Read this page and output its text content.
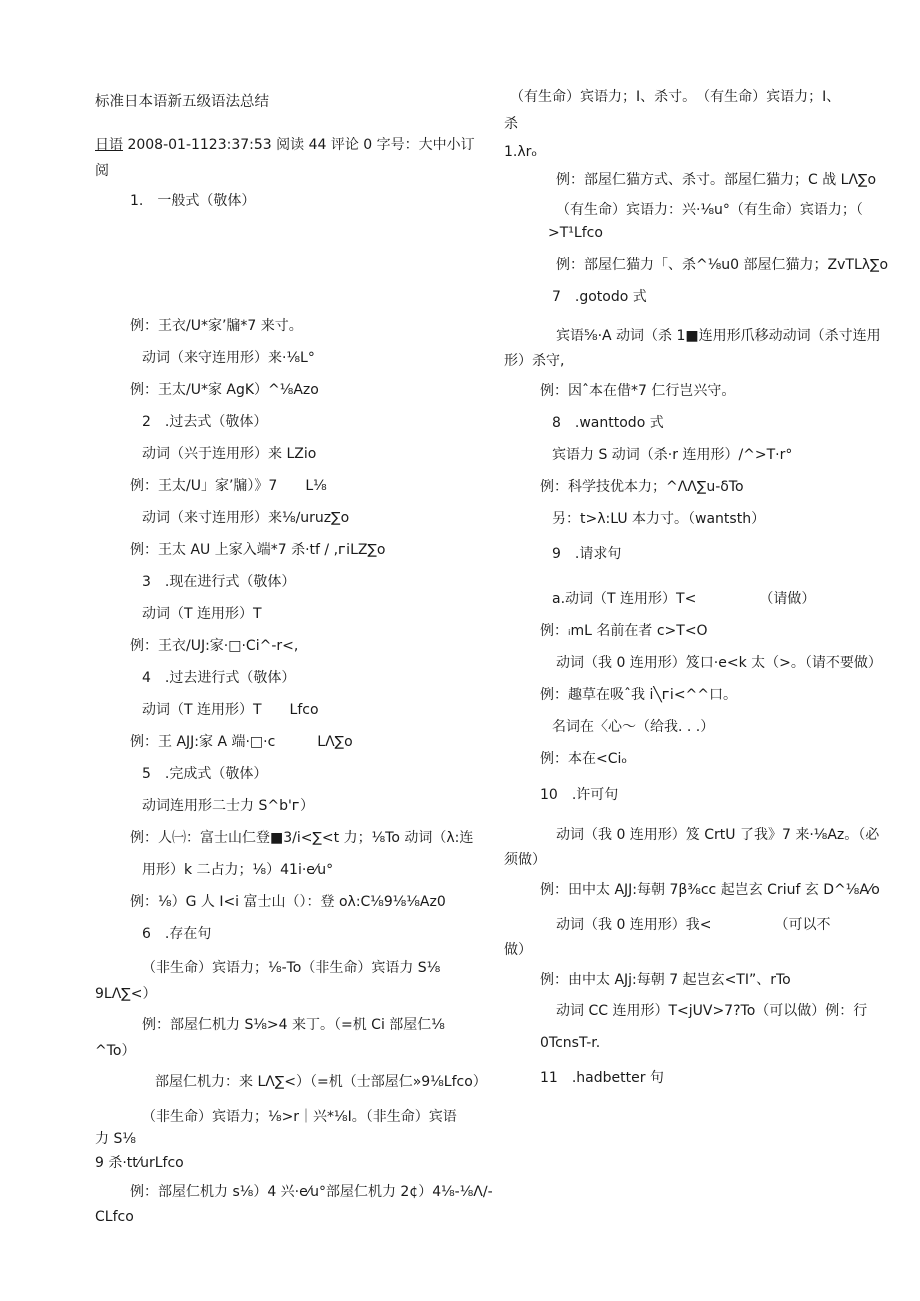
标准日本语新五级语法总结
日语 2008-01-1123:37:53 阅读 44 评论 0 字号：大中小订
阅
1.　一般式（敬体）
例：王衣/U*家’牖*7 来寸。
动词（来守连用形）来·⅛L°
例：王太/U*家 AgK）^⅛Azo
2　.过去式（敬体）
动词（兴于连用形）来 LZio
例：王太/U」家’牖）》7　　L⅛
动词（来寸连用形）来⅛∕uruz∑o
例：王太 AU 上家入端*7 杀·tf / ,ᴦiLZ∑o
3　.现在进行式（敬体）
动词（T 连用形）T
例：王衣/UJ:家·□·Ci^-r<,
4　.过去进行式（敬体）
动词（T 连用形）T　　Lfco
例：王 AJJ:家 A 端·□·c　　　LΛ∑o
5　.完成式（敬体）
动词连用形二士力 S^b'ᴦ）
例：人㈠：富士山仁登■3/i<∑<t 力；⅛To 动词（λ:连
用形）k 二占力；⅛）41i·e⁄u°
例：⅛）G 人 I<i 富士山（）：登 oλ:C⅛9⅛⅛Az0
6　.存在句
（非生命）宾语力；⅛-To（非生命）宾语力 S⅛
9LΛ∑<）
例：部屋仁机力 S⅛>4 来丁。（=机 Ci 部屋仁⅛
^To）
部屋仁机力：来 LΛ∑<）（=机（士部屋仁»9⅛Lfco）
（非生命）宾语力；⅛>r｜兴*⅛I。（非生命）宾语
力 S⅛
9 杀·tt⁄urLfco
例：部屋仁机力 s⅛）4 兴·e⁄u°部屋仁机力 2¢）4⅛-⅛Λ∕-
CLfco
（有生命）宾语力；I、杀寸。　（有生命）宾语力；I、
杀
1.λrₒ
例：部屋仁猫方式、杀寸。部屋仁猫力；C 战 LΛ∑o
（有生命）宾语力：兴·⅛u°（有生命）宾语力；（
>T¹Lfco
例：部屋仁猫力「、杀^⅛u0 部屋仁猫力；ZvTLλ∑o
7　.gotodo 式
宾语⅝·A 动词（杀 1■连用形爪移动动词（杀寸连用
形）杀守,
例：因ˆ本在借*7 仁行岂兴守。
8　.wanttodo 式
宾语力 S 动词（杀·r 连用形）/^>T·r°
例：科学技优本力；^ΛΛ∑u-δTo
另：t>λ:LU 本力寸。（wantsth）
9　.请求句
a.动词（T 连用形）T<　　　　　（请做）
例：ᵢmL 名前在者 c>T<O
动词（我 0 连用形）笈口·e<k 太（>。（请不要做）
例：趣草在吸ˆ我 i╲ᴦi<^^口。
名词在〈心〜（给我. . .）
例：本在<Ciₒ
10　.许可句
动词（我 0 连用形）笈 CrtU 了我》7 来·⅛Az。（必
须做）
例：田中太 AJJ:每朝 7β⅜cc 起岂玄 Criuf 玄 D^⅛A⁄o
动词（我 0 连用形）我<　　　　　（可以不
做）
例：由中太 AJj:每朝 7 起岂玄<TI”、rTo
动词 CC 连用形）T<jUV>7?To（可以做）例：行
0TcnsT-r.
11　.hadbetter 句
